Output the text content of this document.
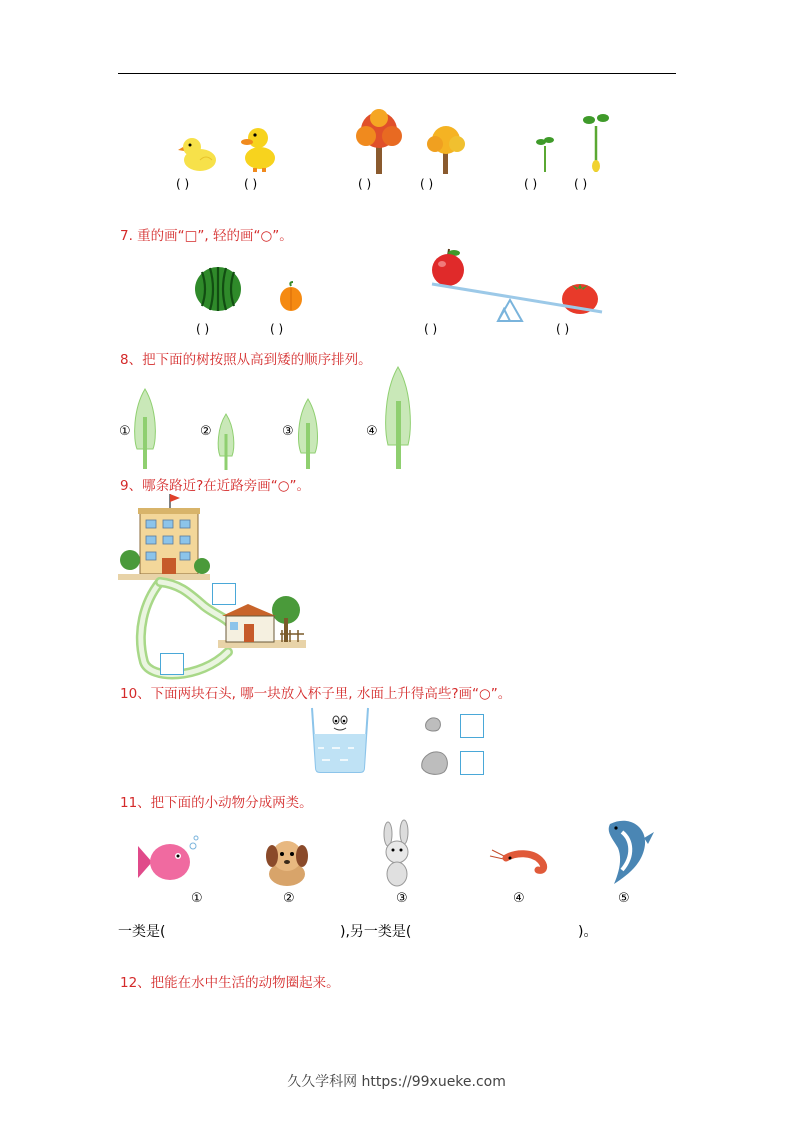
( )	( )	( )	( )	( )	( )
7. 重的画“□”, 轻的画“○”。
( )	( )	( )	( )
8、把下面的树按照从高到矮的顺序排列。
①	②	③	④
9、哪条路近?在近路旁画“○”。
10、下面两块石头, 哪一块放入杯子里, 水面上升得高些?画“○”。
11、把下面的小动物分成两类。
①	②	③	④	⑤
一类是(	),另一类是(	)。
12、把能在水中生活的动物圈起来。
久久学科网 https://99xueke.com
